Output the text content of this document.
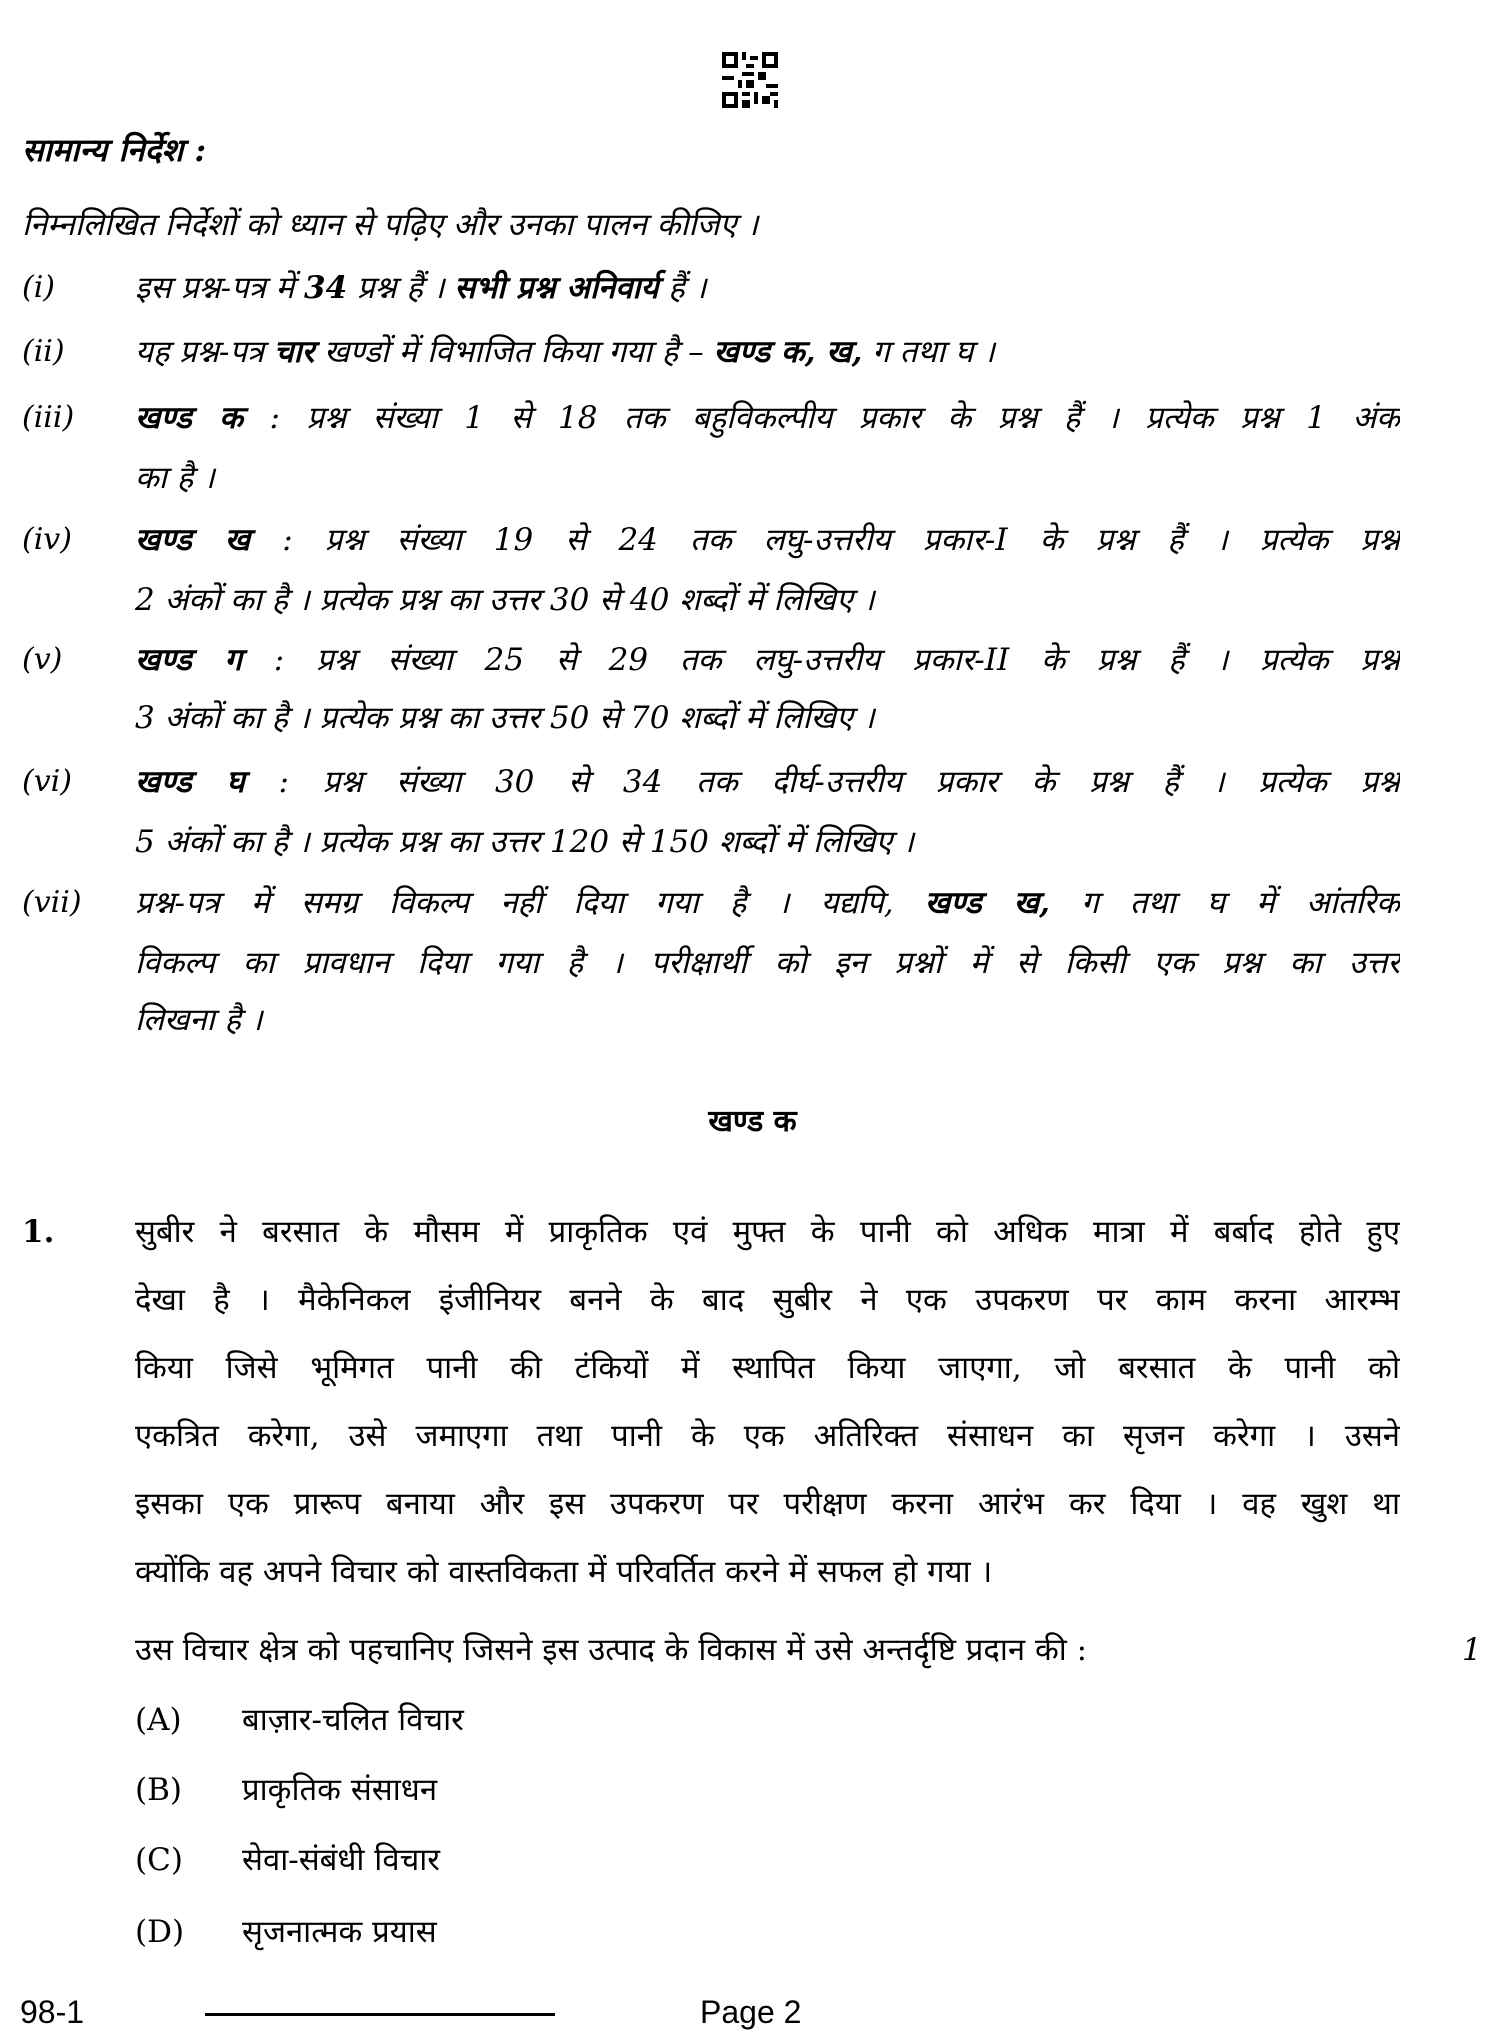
सामान्य निर्देश :
निम्नलिखित निर्देशों को ध्यान से पढ़िए और उनका पालन कीजिए ।
(i)	इस प्रश्न-पत्र में 34 प्रश्न हैं । सभी प्रश्न अनिवार्य हैं ।
(ii) यह प्रश्न-पत्र चार खण्डों में विभाजित किया गया है – खण्ड क, ख, ग तथा घ ।
(iii) खण्ड क : प्रश्न संख्या 1 से 18 तक बहुविकल्पीय प्रकार के प्रश्न हैं । प्रत्येक प्रश्न 1 अंक
का है ।
(iv) खण्ड ख : प्रश्न संख्या 19 से 24 तक लघु-उत्तरीय प्रकार-I के प्रश्न हैं । प्रत्येक प्रश्न
2 अंकों का है । प्रत्येक प्रश्न का उत्तर 30 से 40 शब्दों में लिखिए ।
(v) खण्ड ग : प्रश्न संख्या 25 से 29 तक लघु-उत्तरीय प्रकार-II के प्रश्न हैं । प्रत्येक प्रश्न
3 अंकों का है । प्रत्येक प्रश्न का उत्तर 50 से 70 शब्दों में लिखिए ।
(vi) खण्ड घ : प्रश्न संख्या 30 से 34 तक दीर्घ-उत्तरीय प्रकार के प्रश्न हैं । प्रत्येक प्रश्न
5 अंकों का है । प्रत्येक प्रश्न का उत्तर 120 से 150 शब्दों में लिखिए ।
(vii) प्रश्न-पत्र में समग्र विकल्प नहीं दिया गया है । यद्यपि, खण्ड ख, ग तथा घ में आंतरिक
विकल्प का प्रावधान दिया गया है । परीक्षार्थी को इन प्रश्नों में से किसी एक प्रश्न का उत्तर
लिखना है ।
खण्ड क
1.	सुबीर ने बरसात के मौसम में प्राकृतिक एवं मुफ्त के पानी को अधिक मात्रा में बर्बाद होते हुए
देखा है । मैकेनिकल इंजीनियर बनने के बाद सुबीर ने एक उपकरण पर काम करना आरम्भ
किया जिसे भूमिगत पानी की टंकियों में स्थापित किया जाएगा, जो बरसात के पानी को
एकत्रित करेगा, उसे जमाएगा तथा पानी के एक अतिरिक्त संसाधन का सृजन करेगा । उसने
इसका एक प्रारूप बनाया और इस उपकरण पर परीक्षण करना आरंभ कर दिया । वह खुश था
क्योंकि वह अपने विचार को वास्तविकता में परिवर्तित करने में सफल हो गया ।
उस विचार क्षेत्र को पहचानिए जिसने इस उत्पाद के विकास में उसे अन्तर्दृष्टि प्रदान की :	1
(A) बाज़ार-चलित विचार
(B) प्राकृतिक संसाधन
(C) सेवा-संबंधी विचार
(D) सृजनात्मक प्रयास
98-1	Page 2
